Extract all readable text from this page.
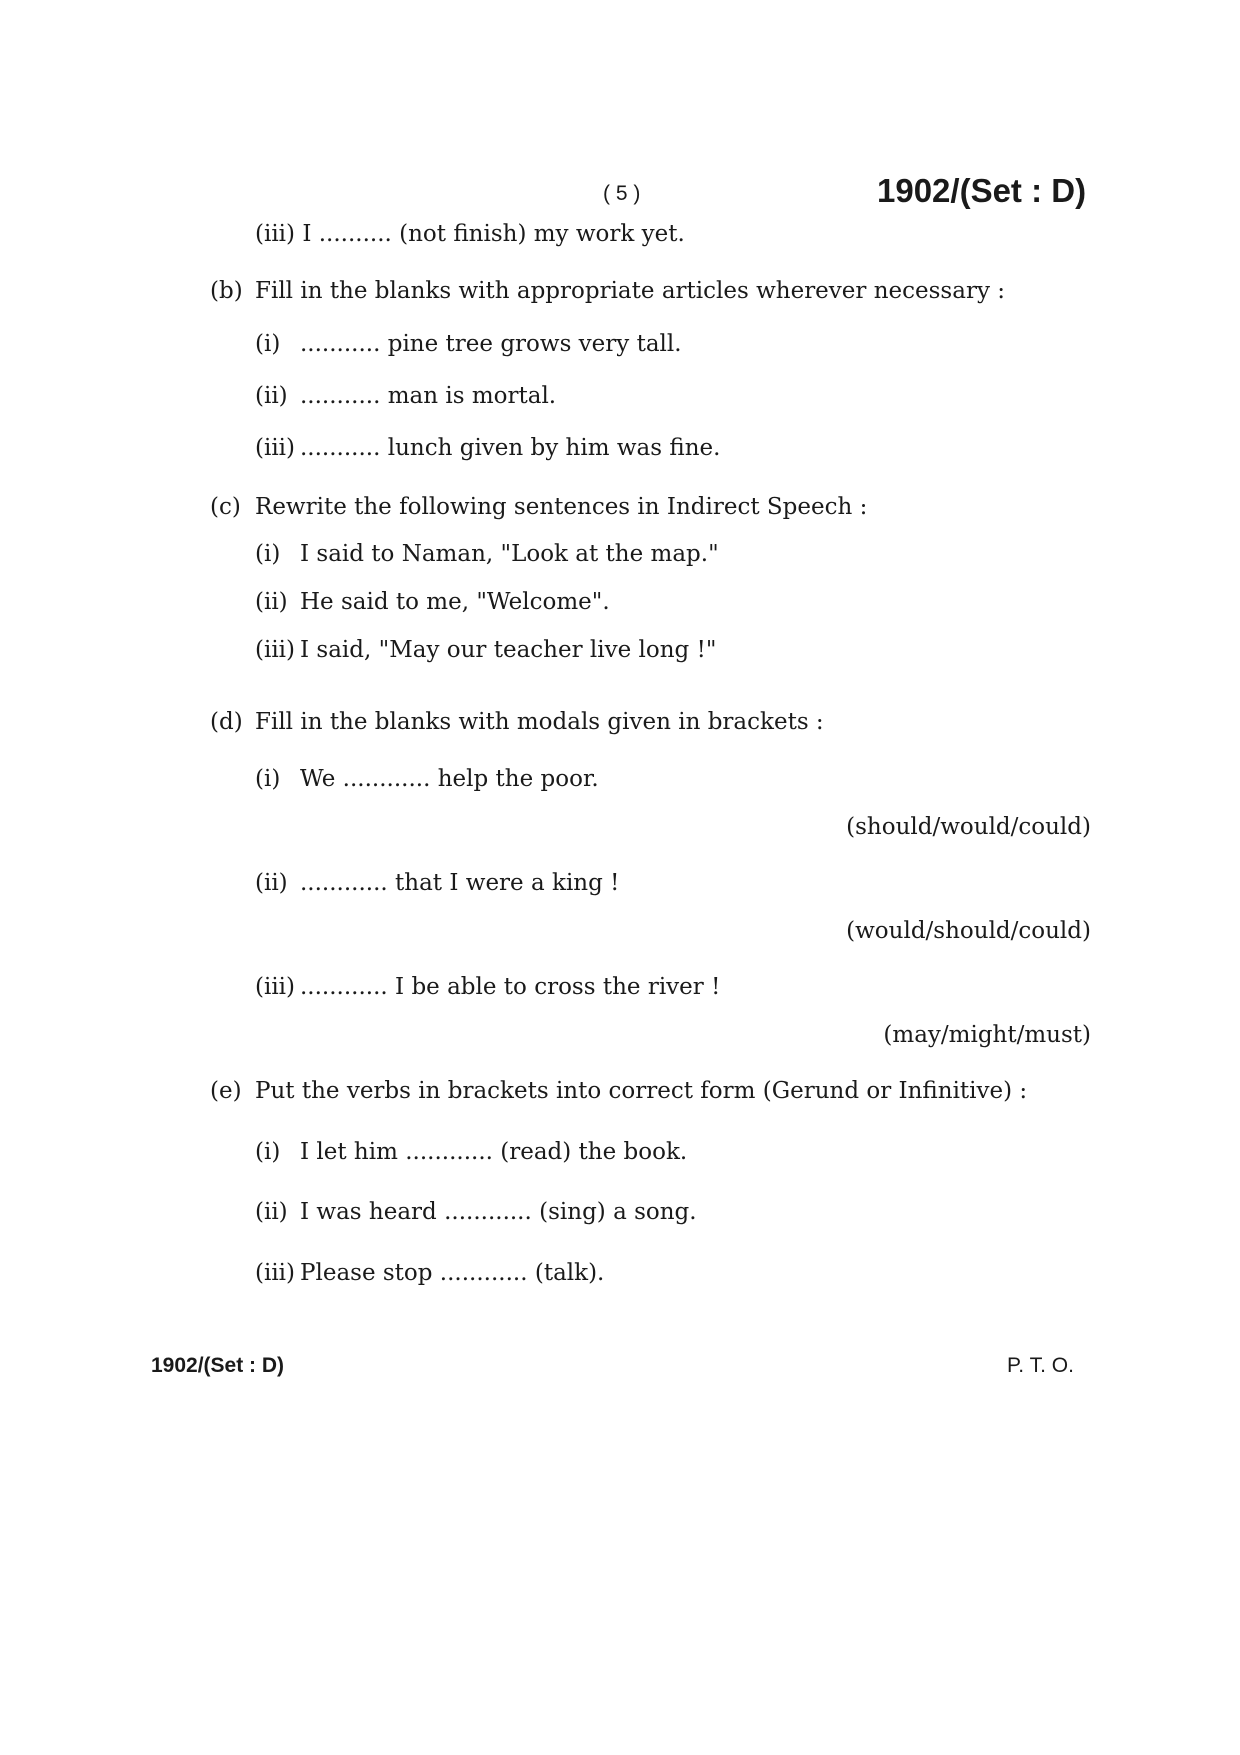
( 5 )	1902/(Set : D)
(iii) I .......... (not finish) my work yet.
(b) Fill in the blanks with appropriate articles wherever necessary :
(i) ........... pine tree grows very tall.
(ii) ........... man is mortal.
(iii) ........... lunch given by him was fine.
(c) Rewrite the following sentences in Indirect Speech :
(i) I said to Naman, "Look at the map."
(ii) He said to me, "Welcome".
(iii) I said, "May our teacher live long !"
(d) Fill in the blanks with modals given in brackets :
(i) We ............ help the poor.
(should/would/could)
(ii) ............ that I were a king !
(would/should/could)
(iii) ............ I be able to cross the river !
(may/might/must)
(e) Put the verbs in brackets into correct form (Gerund or Infinitive) :
(i) I let him ............ (read) the book.
(ii) I was heard ............ (sing) a song.
(iii) Please stop ............ (talk).
1902/(Set : D)	P. T. O.
